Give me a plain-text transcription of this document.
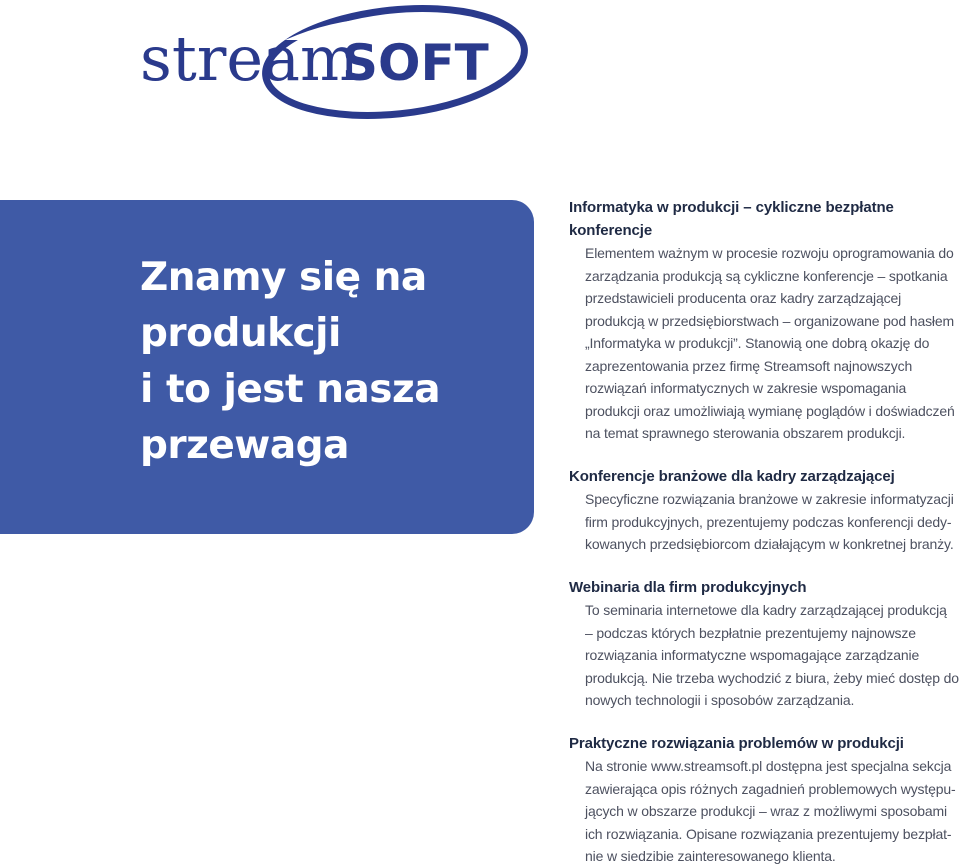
stream
SOFT
Znamy się na
produkcji
i to jest nasza
przewaga
Informatyka w produkcji – cykliczne bezpłatne
konferencje

Elementem ważnym w procesie rozwoju oprogramowania do
zarządzania produkcją są cykliczne konferencje – spotkania
przedstawicieli producenta oraz kadry zarządzającej
produkcją w przedsiębiorstwach – organizowane pod hasłem
„Informatyka w produkcji”. Stanowią one dobrą okazję do
zaprezentowania przez firmę Streamsoft najnowszych
rozwiązań informatycznych w zakresie wspomagania
produkcji oraz umożliwiają wymianę poglądów i doświadczeń
na temat sprawnego sterowania obszarem produkcji.

Konferencje branżowe dla kadry zarządzającej

Specyficzne rozwiązania branżowe w zakresie informatyzacji
firm produkcyjnych, prezentujemy podczas konferencji dedy-
kowanych przedsiębiorcom działającym w konkretnej branży.

Webinaria dla firm produkcyjnych

To seminaria internetowe dla kadry zarządzającej produkcją
– podczas których bezpłatnie prezentujemy najnowsze
rozwiązania informatyczne wspomagające zarządzanie
produkcją. Nie trzeba wychodzić z biura, żeby mieć dostęp do
nowych technologii i sposobów zarządzania.

Praktyczne rozwiązania problemów w produkcji

Na stronie www.streamsoft.pl dostępna jest specjalna sekcja
zawierająca opis różnych zagadnień problemowych występu-
jących w obszarze produkcji – wraz z możliwymi sposobami
ich rozwiązania. Opisane rozwiązania prezentujemy bezpłat-
nie w siedzibie zainteresowanego klienta.
